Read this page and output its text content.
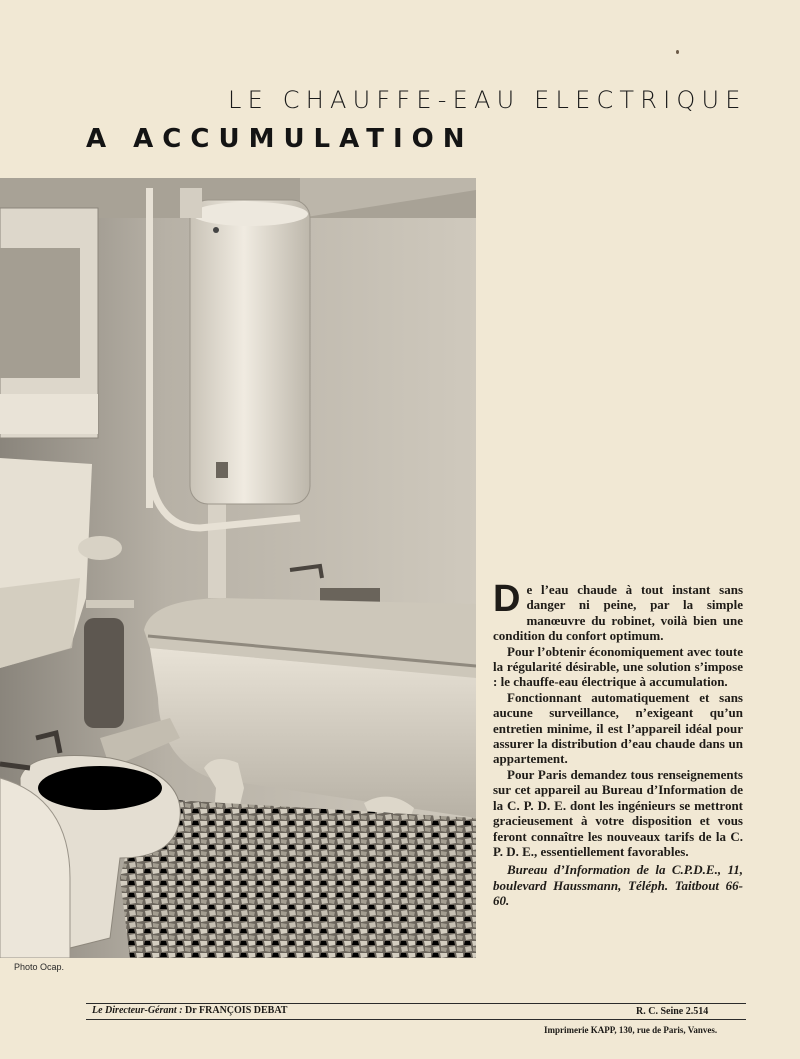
LE CHAUFFE-EAU ELECTRIQUE
A ACCUMULATION
Photo Ocap.

De l’eau chaude à tout instant sans danger ni peine, par la simple manœuvre du robinet, voilà bien une condition du confort optimum.

Pour l’obtenir économiquement avec toute la régularité désirable, une solution s’impose : le chauffe-eau électrique à accumulation.

Fonctionnant automatiquement et sans aucune surveillance, n’exigeant qu’un entretien minime, il est l’appareil idéal pour assurer la distribution d’eau chaude dans un appartement.

Pour Paris demandez tous renseignements sur cet appareil au Bureau d’Information de la C. P. D. E. dont les ingénieurs se mettront gracieusement à votre disposition et vous feront connaître les nouveaux tarifs de la C. P. D. E., essentiellement favorables.

Bureau d’Information de la C.P.D.E., 11, boulevard Haussmann, Téléph. Taitbout 66-60.

Le Directeur-Gérant : Dr FRANÇOIS DEBAT	R. C. Seine 2.514
Imprimerie KAPP, 130, rue de Paris, Vanves.
